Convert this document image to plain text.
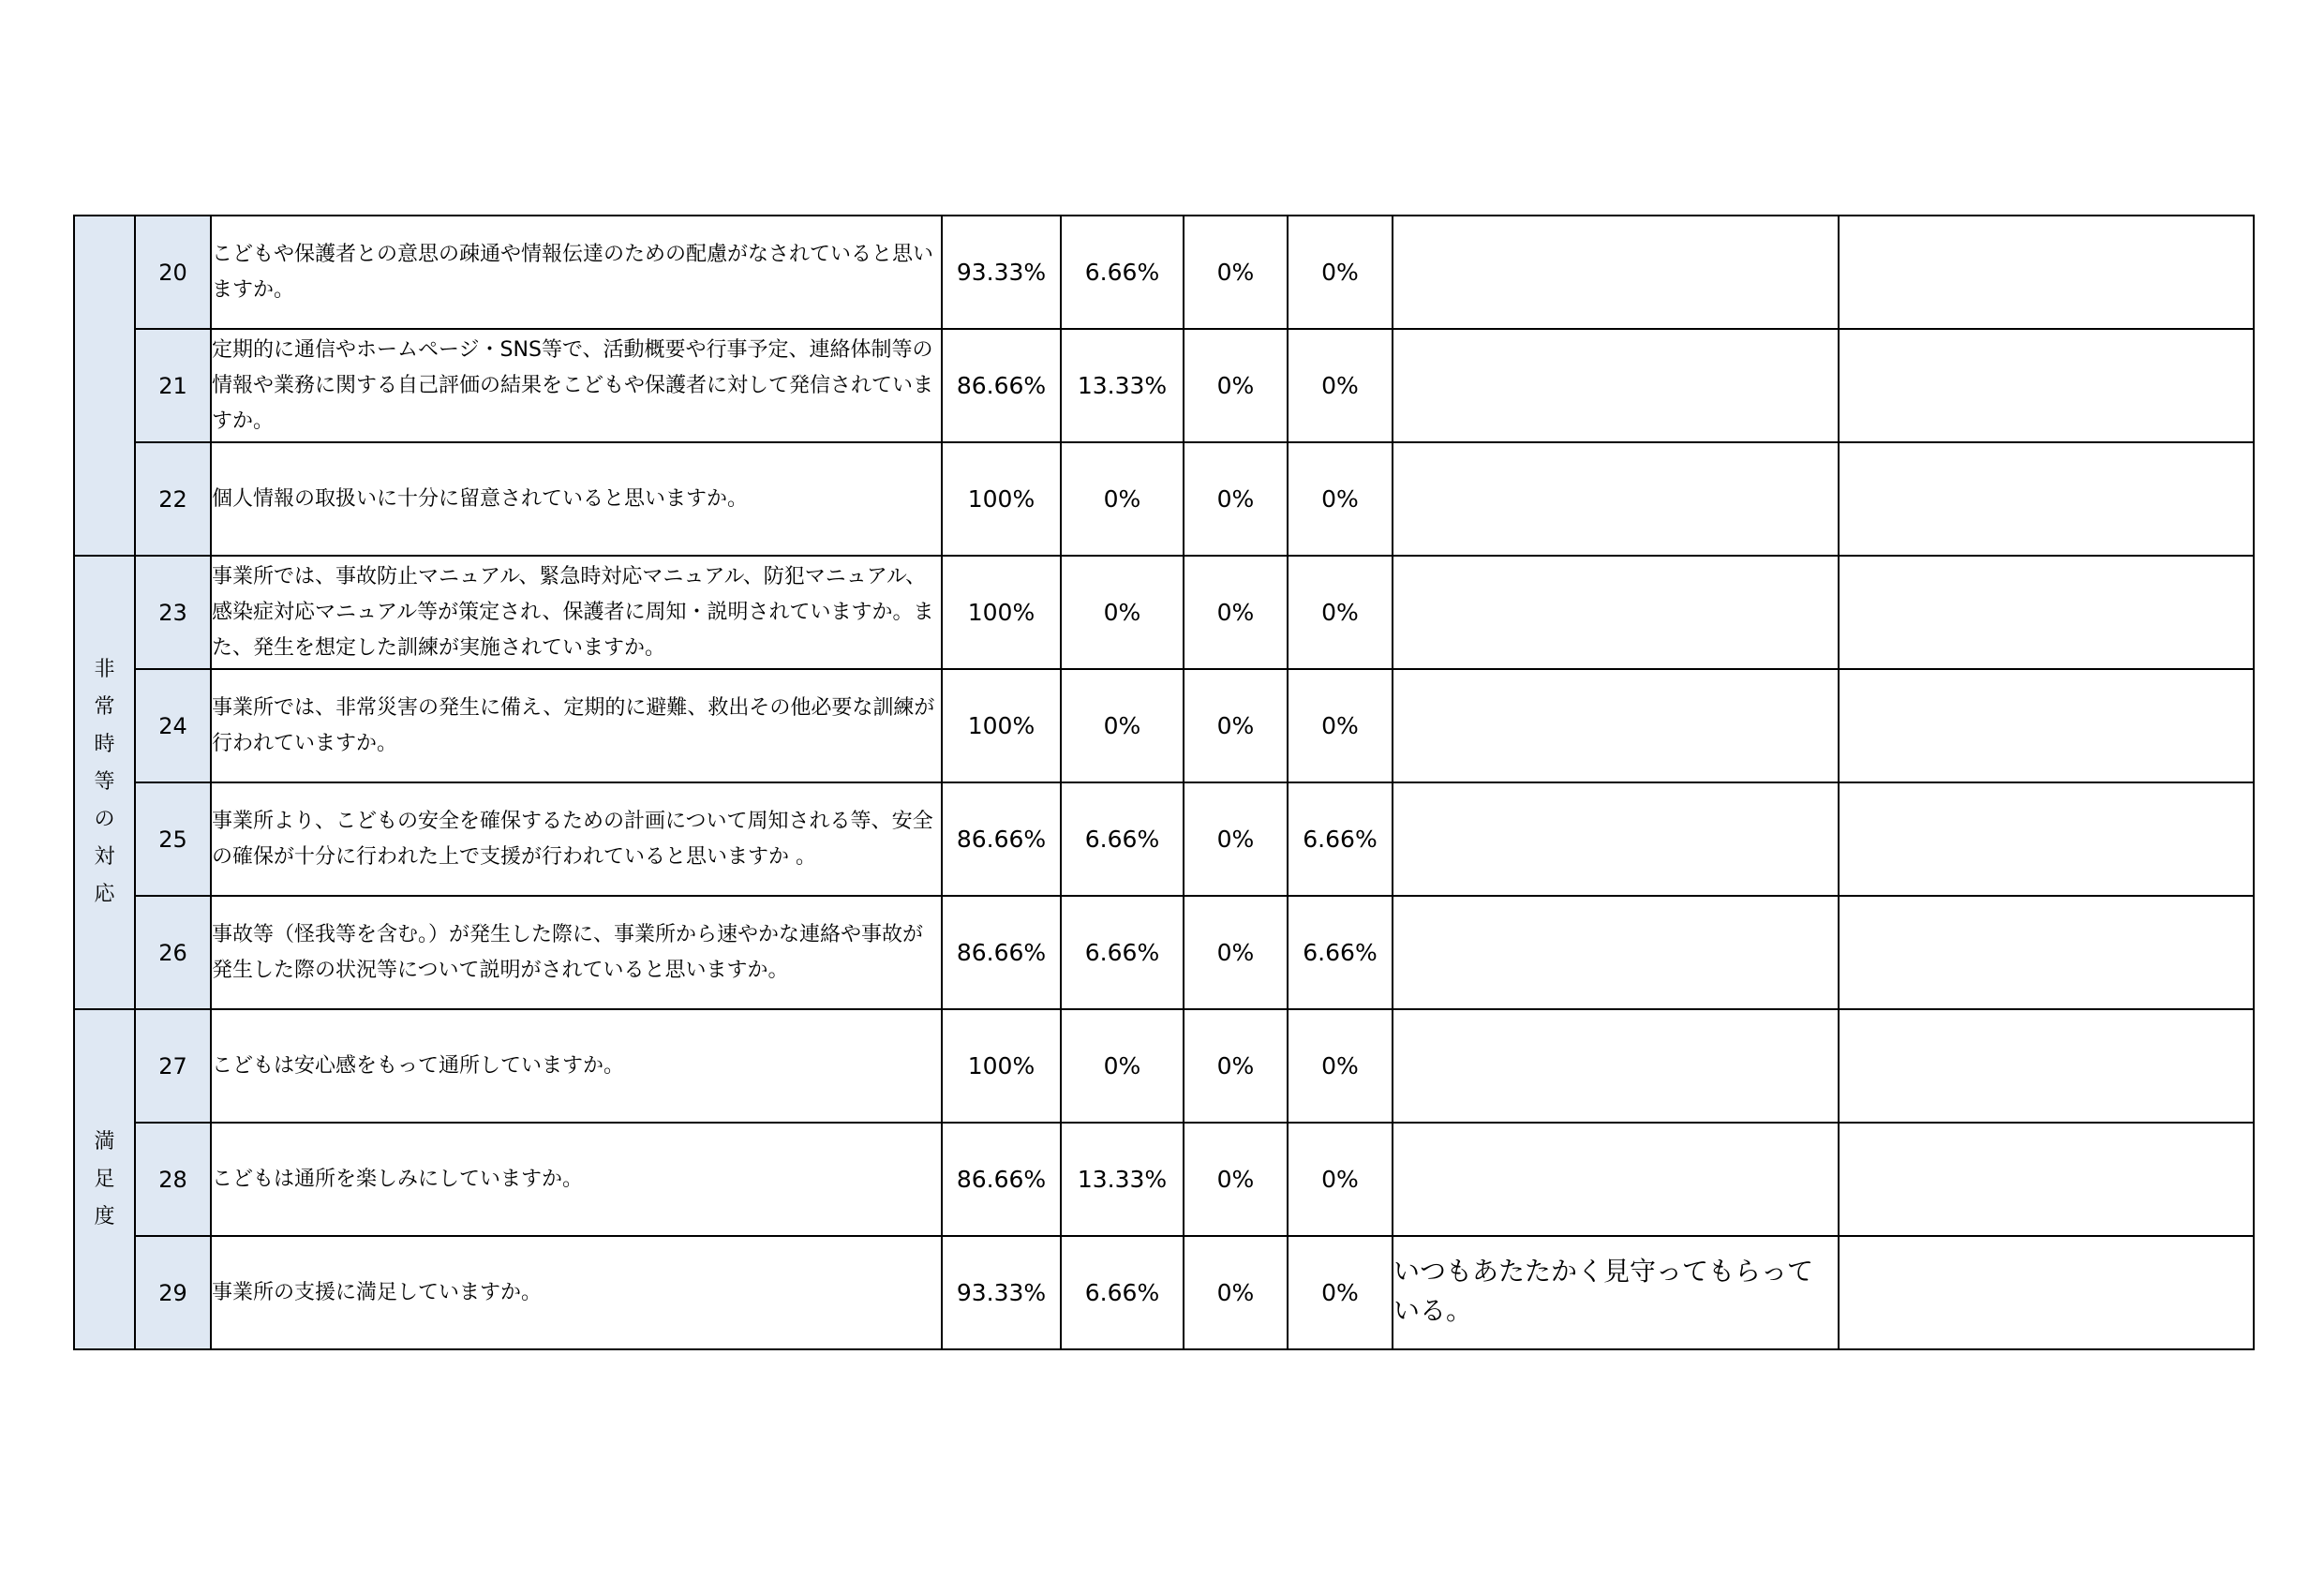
	20	こどもや保護者との意思の疎通や情報伝達のための配慮がなされていると思いますか。	93.33%	6.66%	0%	0%	

	21	定期的に通信やホームページ・SNS等で、活動概要や行事予定、連絡体制等の情報や業務に関する自己評価の結果をこどもや保護者に対して発信されていますか。	86.66%	13.33%	0%	0%	

	22	個人情報の取扱いに十分に留意されていると思いますか。	100%	0%	0%	0%	

非常時等の対応	23	事業所では、事故防止マニュアル、緊急時対応マニュアル、防犯マニュアル、感染症対応マニュアル等が策定され、保護者に周知・説明されていますか。また、発生を想定した訓練が実施されていますか。	100%	0%	0%	0%	

	24	事業所では、非常災害の発生に備え、定期的に避難、救出その他必要な訓練が行われていますか。	100%	0%	0%	0%	

	25	事業所より、こどもの安全を確保するための計画について周知される等、安全の確保が十分に行われた上で支援が行われていると思いますか 。	86.66%	6.66%	0%	6.66%	

	26	事故等（怪我等を含む。）が発生した際に、事業所から速やかな連絡や事故が発生した際の状況等について説明がされていると思いますか。	86.66%	6.66%	0%	6.66%	

満足度	27	こどもは安心感をもって通所していますか。	100%	0%	0%	0%	

	28	こどもは通所を楽しみにしていますか。	86.66%	13.33%	0%	0%	

	29	事業所の支援に満足していますか。	93.33%	6.66%	0%	0%	いつもあたたかく見守ってもらっている。	
